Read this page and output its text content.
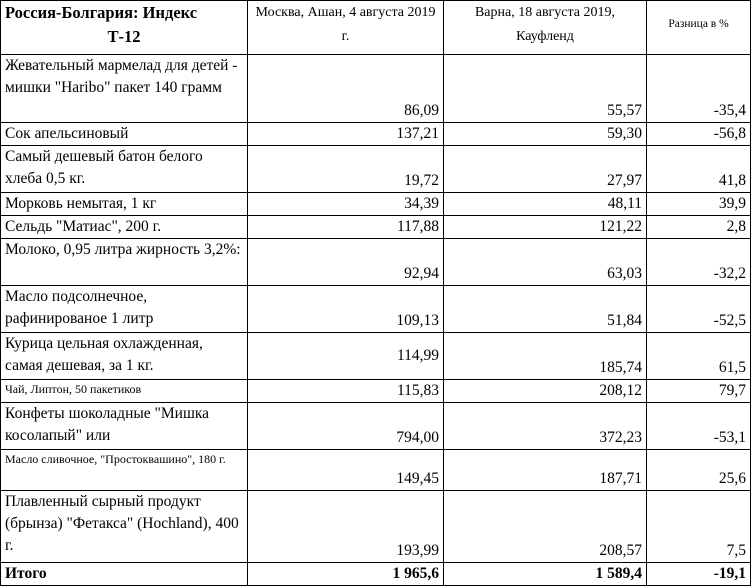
Россия-Болгария: Индекс
Т-12	Москва, Ашан, 4 августа 2019 г.	Варна, 18 августа 2019, Кауфленд	Разница в %
Жевательный мармелад для детей - мишки "Haribo" пакет 140 грамм	86,09	55,57	-35,4
Сок апельсиновый	137,21	59,30	-56,8
Самый дешевый батон белого хлеба 0,5 кг.	19,72	27,97	41,8
Морковь немытая, 1 кг	34,39	48,11	39,9
Сельдь "Матиас", 200 г.	117,88	121,22	2,8
Молоко, 0,95 литра жирность 3,2%:	92,94	63,03	-32,2
Масло подсолнечное, рафинированое 1 литр	109,13	51,84	-52,5
Курица цельная охлажденная, самая дешевая, за 1 кг.	114,99	185,74	61,5
Чай, Липтон, 50 пакетиков	115,83	208,12	79,7
Конфеты шоколадные "Мишка косолапый" или	794,00	372,23	-53,1
Масло сливочное, "Простоквашино", 180 г.	149,45	187,71	25,6
Плавленный сырный продукт (брынза) "Фетакса" (Hochland), 400 г.	193,99	208,57	7,5
Итого	1 965,6	1 589,4	-19,1
